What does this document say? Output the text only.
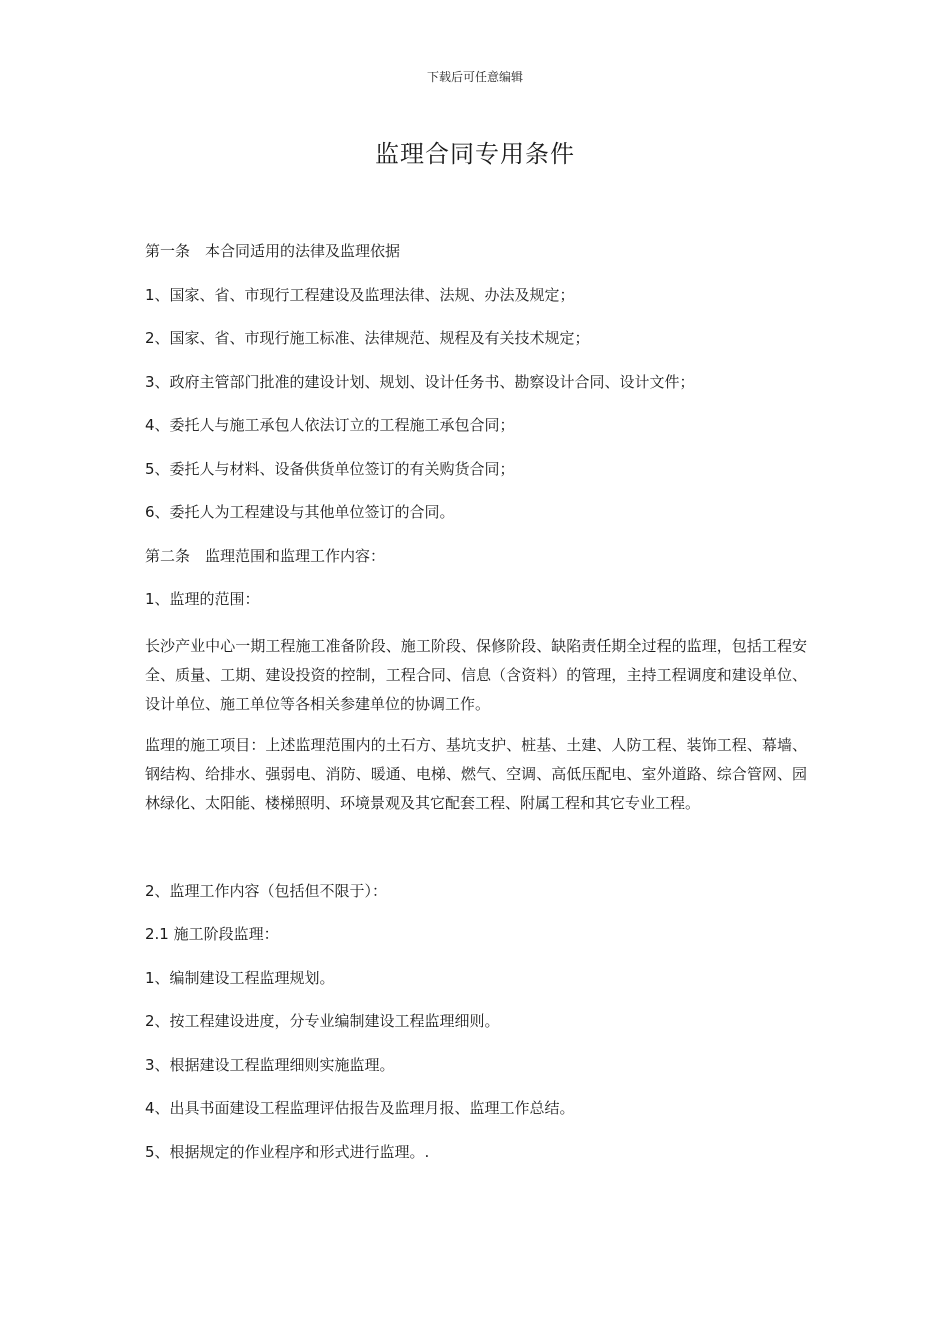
下载后可任意编辑
监理合同专用条件

第一条　本合同适用的法律及监理依据

1、国家、省、市现行工程建设及监理法律、法规、办法及规定；

2、国家、省、市现行施工标准、法律规范、规程及有关技术规定；

3、政府主管部门批准的建设计划、规划、设计任务书、勘察设计合同、设计文件；

4、委托人与施工承包人依法订立的工程施工承包合同；

5、委托人与材料、设备供货单位签订的有关购货合同；

6、委托人为工程建设与其他单位签订的合同。

第二条　监理范围和监理工作内容：

1、监理的范围：

长沙产业中心一期工程施工准备阶段、施工阶段、保修阶段、缺陷责任期全过程的监理，包括工程安全、质量、工期、建设投资的控制，工程合同、信息（含资料）的管理，主持工程调度和建设单位、设计单位、施工单位等各相关参建单位的协调工作。

监理的施工项目：上述监理范围内的土石方、基坑支护、桩基、土建、人防工程、装饰工程、幕墙、钢结构、给排水、强弱电、消防、暖通、电梯、燃气、空调、高低压配电、室外道路、综合管网、园林绿化、太阳能、楼梯照明、环境景观及其它配套工程、附属工程和其它专业工程。

2、监理工作内容（包括但不限于）：

2.1 施工阶段监理：

1、编制建设工程监理规划。

2、按工程建设进度，分专业编制建设工程监理细则。

3、根据建设工程监理细则实施监理。

4、出具书面建设工程监理评估报告及监理月报、监理工作总结。

5、根据规定的作业程序和形式进行监理。.
